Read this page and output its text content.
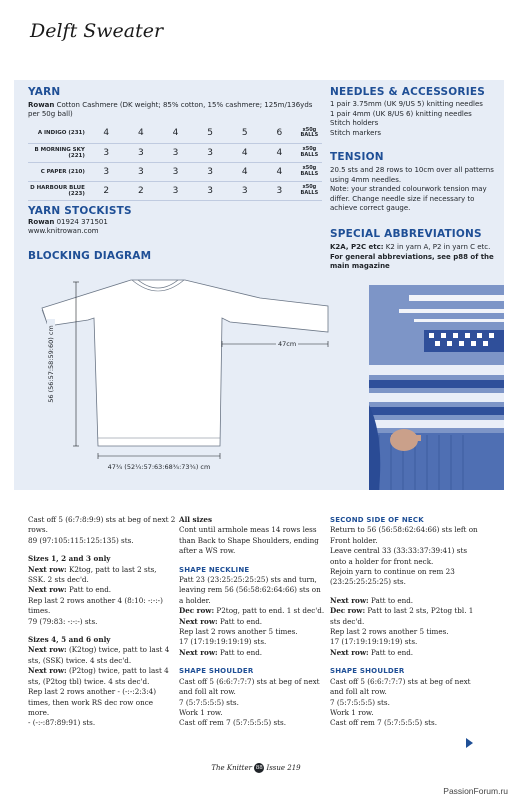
Delft Sweater
YARN
Rowan Cotton Cashmere (DK weight; 85% cotton, 15% cashmere; 125m/136yds per 50g ball)
A INDIGO (231)	4	4	4	5	5	6	x50g BALLS
B MORNING SKY (221)	3	3	3	3	4	4	x50g BALLS
C PAPER (210)	3	3	3	3	4	4	x50g BALLS
D HARBOUR BLUE (223)	2	2	3	3	3	3	x50g BALLS
YARN STOCKISTS
Rowan 01924 371501
www.knitrowan.com
BLOCKING DIAGRAM
56 (56:57:58:59:60) cm	47cm
47¾ (52¼:57:63:68¾:73¾) cm
NEEDLES & ACCESSORIES
1 pair 3.75mm (UK 9/US 5) knitting needles
1 pair 4mm (UK 8/US 6) knitting needles
Stitch holders
Stitch markers
TENSION
20.5 sts and 28 rows to 10cm over all patterns using 4mm needles.
Note: your stranded colourwork tension may differ. Change needle size if necessary to achieve correct gauge.
SPECIAL ABBREVIATIONS
K2A, P2C etc: K2 in yarn A, P2 in yarn C etc.
For general abbreviations, see p88 of the main magazine

Cast off 5 (6:7:8:9:9) sts at beg of next 2 rows.

89 (97:105:115:125:135) sts.

Sizes 1, 2 and 3 only

Next row: K2tog, patt to last 2 sts, SSK. 2 sts dec'd.

Next row: Patt to end.

Rep last 2 rows another 4 (8:10: -:-:-) times.

79 (79:83: -:-:-) sts.

Sizes 4, 5 and 6 only

Next row: (K2tog) twice, patt to last 4 sts, (SSK) twice. 4 sts dec'd.

Next row: (P2tog) twice, patt to last 4 sts, (P2tog tbl) twice. 4 sts dec'd.

Rep last 2 rows another - (-:-:2:3:4) times, then work RS dec row once more.

- (-:-:87:89:91) sts.

All sizes

Cont until armhole meas 14 rows less than Back to Shape Shoulders, ending after a WS row.

SHAPE NECKLINE

Patt 23 (23:25:25:25:25) sts and turn, leaving rem 56 (56:58:62:64:66) sts on a holder.

Dec row: P2tog, patt to end. 1 st dec'd.

Next row: Patt to end.

Rep last 2 rows another 5 times.

17 (17:19:19:19:19) sts.

Next row: Patt to end.

SHAPE SHOULDER

Cast off 5 (6:6:7:7:7) sts at beg of next and foll alt row.

7 (5:7:5:5:5) sts.

Work 1 row.

Cast off rem 7 (5:7:5:5:5) sts.

SECOND SIDE OF NECK

Return to 56 (56:58:62:64:66) sts left on Front holder.

Leave central 33 (33:33:37:39:41) sts onto a holder for front neck.

Rejoin yarn to continue on rem 23 (23:25:25:25:25) sts.

Next row: Patt to end.

Dec row: Patt to last 2 sts, P2tog tbl. 1 sts dec'd.

Rep last 2 rows another 5 times.

17 (17:19:19:19:19) sts.

Next row: Patt to end.

SHAPE SHOULDER

Cast off 5 (6:6:7:7:7) sts at beg of next and foll alt row.

7 (5:7:5:5:5) sts.

Work 1 row.

Cast off rem 7 (5:7:5:5:5) sts.

The Knitter 88 Issue 219
PassionForum.ru
